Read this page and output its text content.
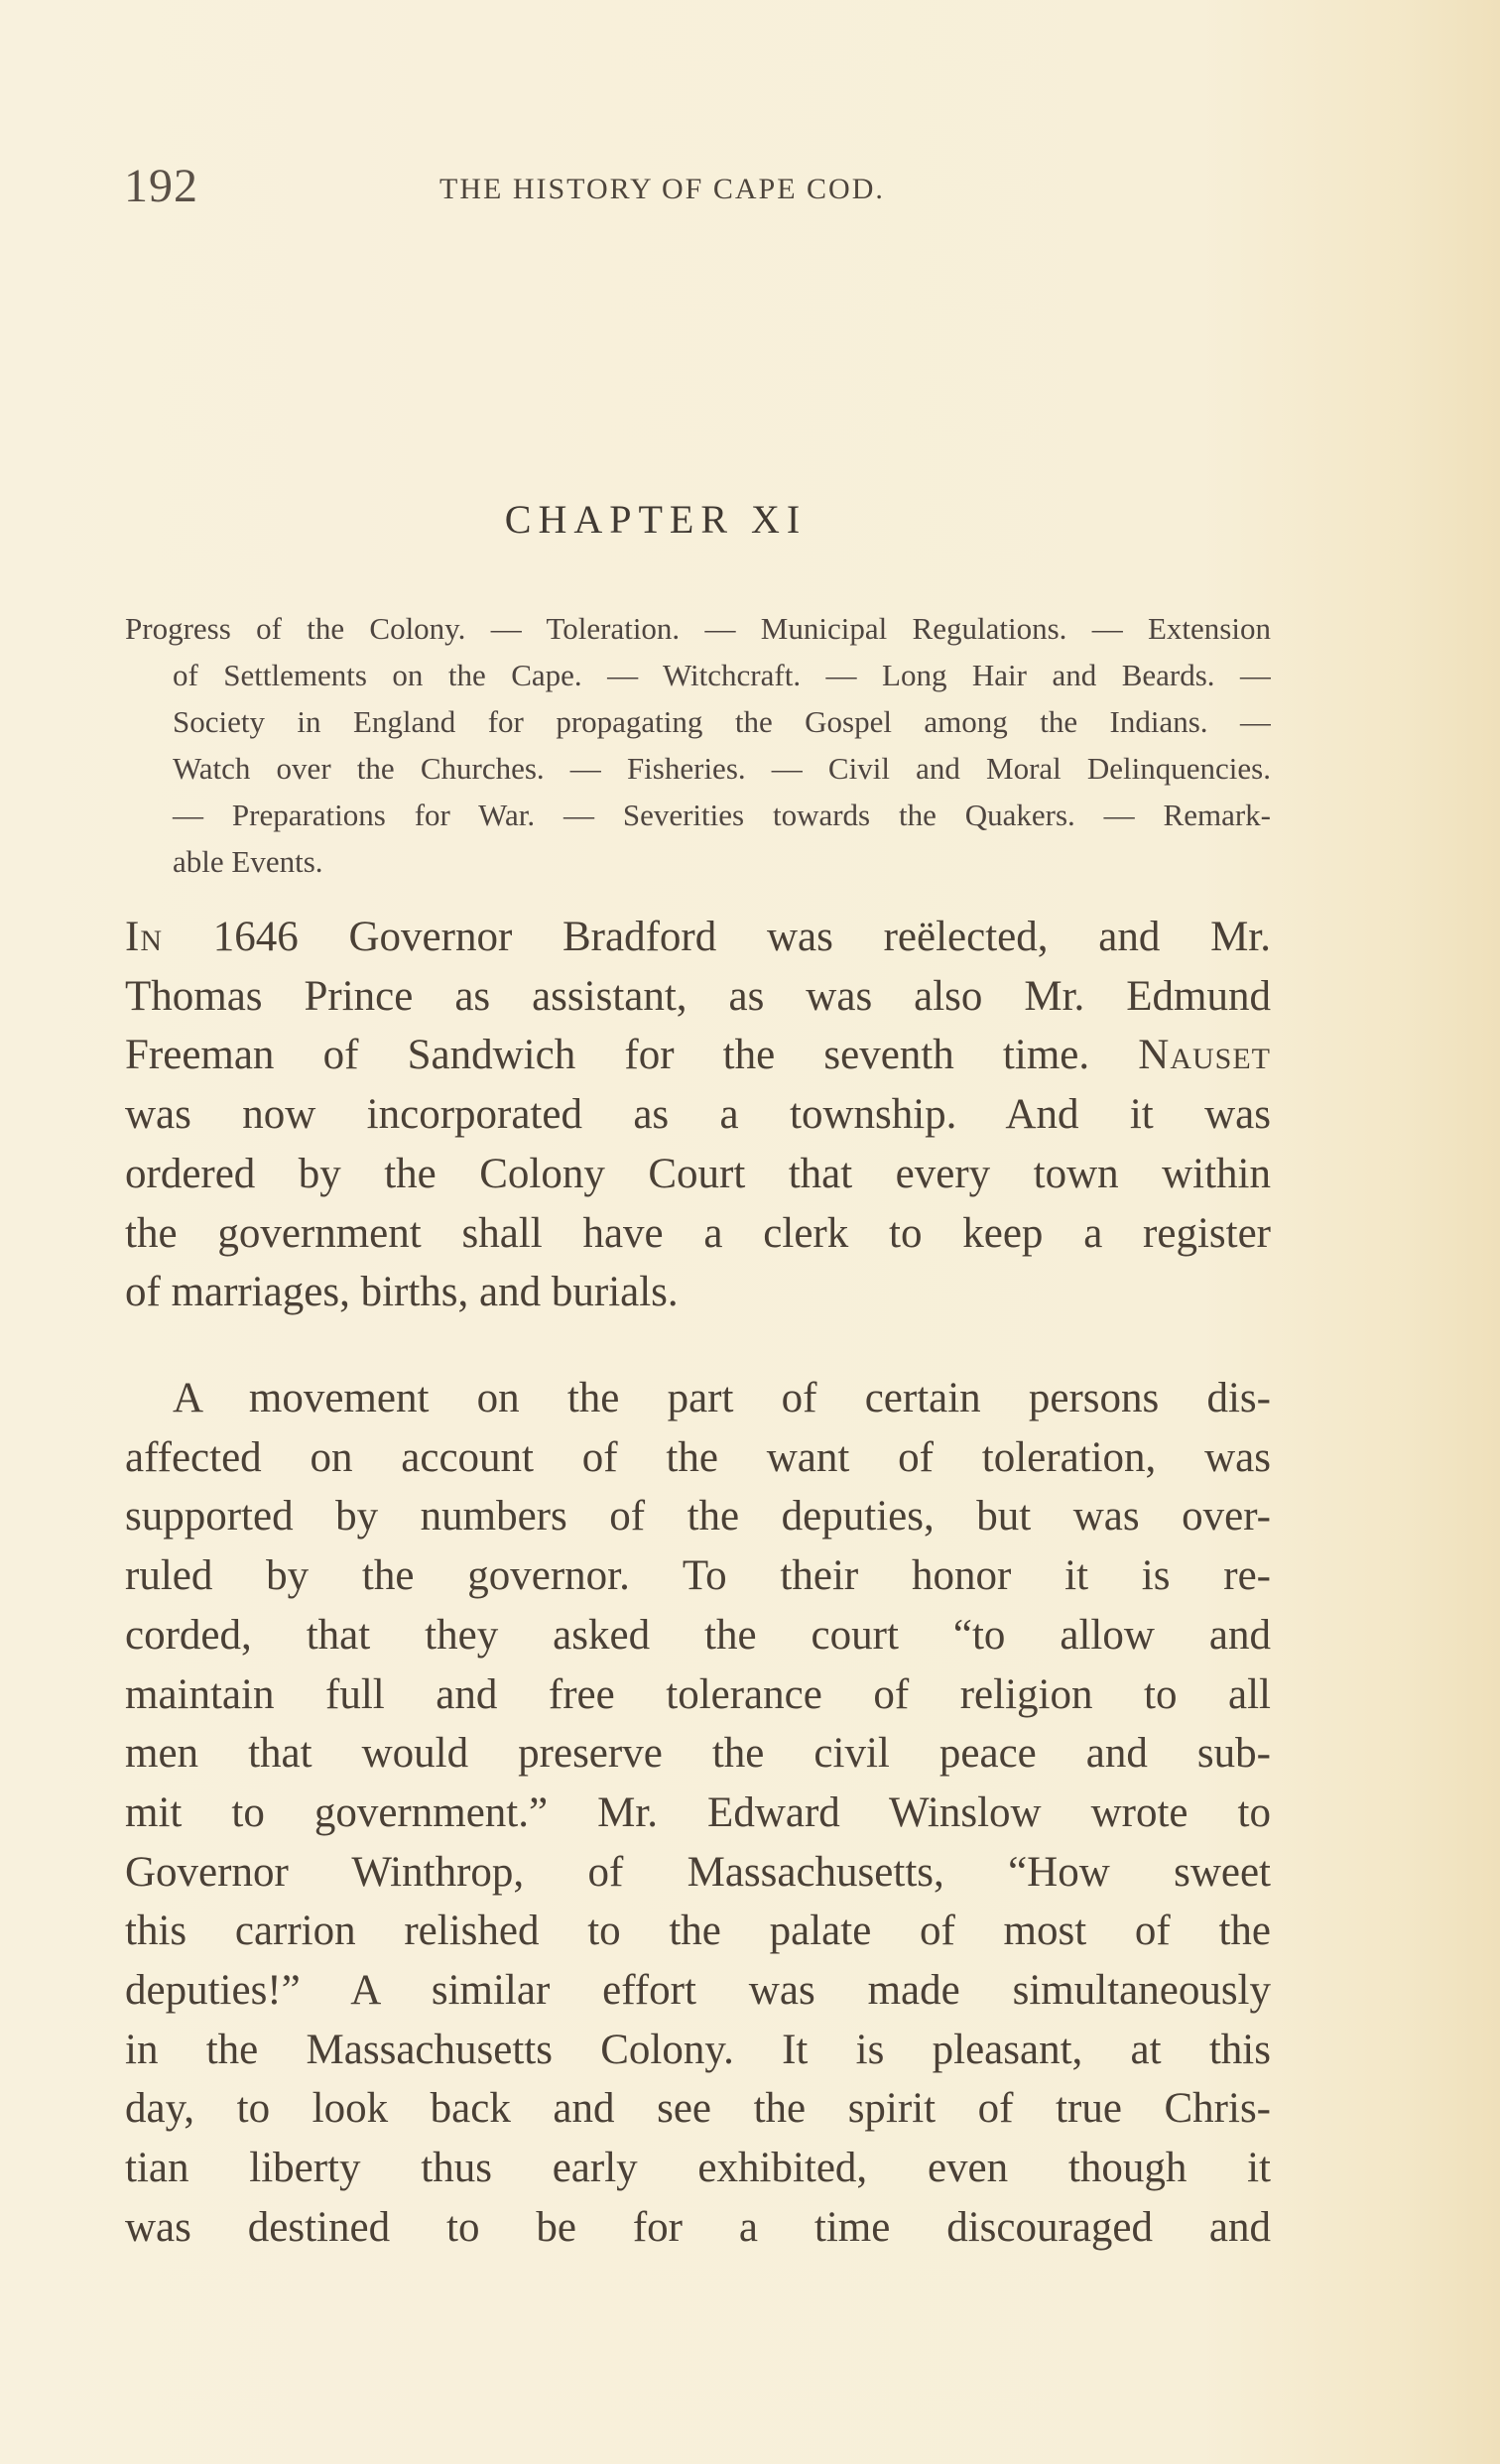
192	THE HISTORY OF CAPE COD.
CHAPTER XI
Progress of the Colony. — Toleration. — Municipal Regulations. — Extension
of Settlements on the Cape. — Witchcraft. — Long Hair and Beards. —
Society in England for propagating the Gospel among the Indians. —
Watch over the Churches. — Fisheries. — Civil and Moral Delinquencies.
— Preparations for War. — Severities towards the Quakers. — Remark-
able Events.
In 1646 Governor Bradford was reëlected, and Mr.
Thomas Prince as assistant, as was also Mr. Edmund
Freeman of Sandwich for the seventh time. Nauset
was now incorporated as a township. And it was
ordered by the Colony Court that every town within
the government shall have a clerk to keep a register
of marriages, births, and burials.
A movement on the part of certain persons dis-
affected on account of the want of toleration, was
supported by numbers of the deputies, but was over-
ruled by the governor. To their honor it is re-
corded, that they asked the court “to allow and
maintain full and free tolerance of religion to all
men that would preserve the civil peace and sub-
mit to government.” Mr. Edward Winslow wrote to
Governor Winthrop, of Massachusetts, “How sweet
this carrion relished to the palate of most of the
deputies!” A similar effort was made simultaneously
in the Massachusetts Colony. It is pleasant, at this
day, to look back and see the spirit of true Chris-
tian liberty thus early exhibited, even though it
was destined to be for a time discouraged and
